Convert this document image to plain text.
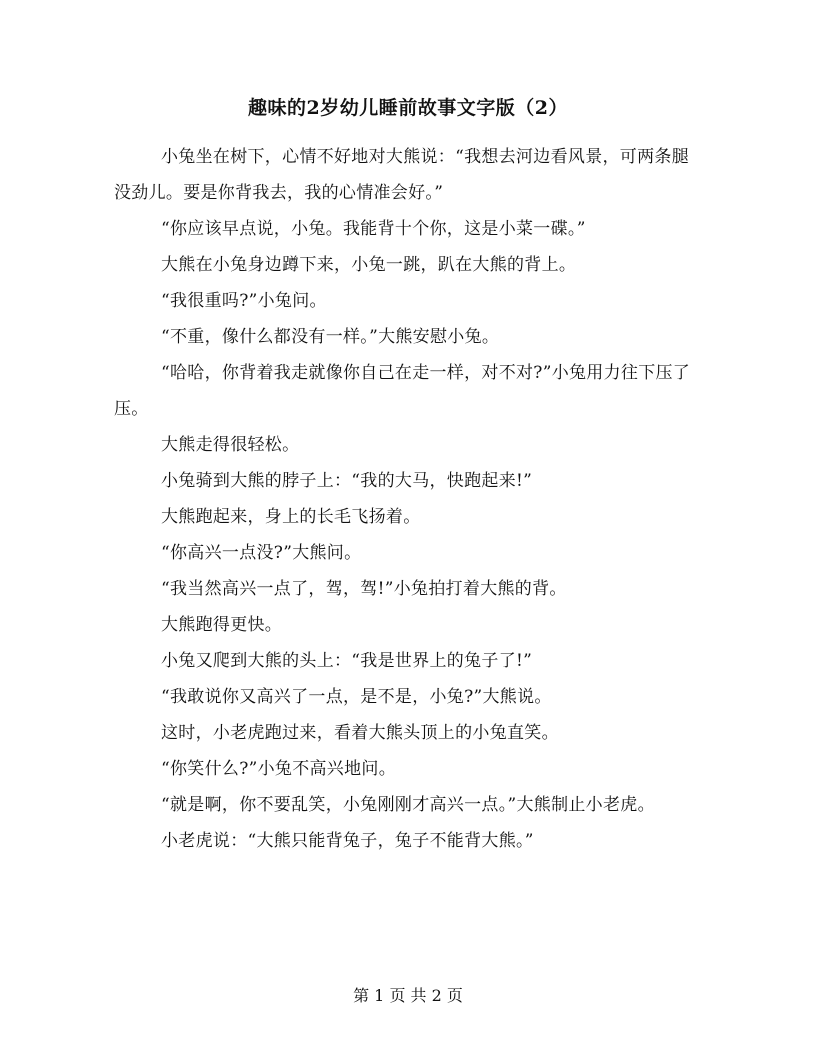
趣味的2岁幼儿睡前故事文字版（2）

小兔坐在树下，心情不好地对大熊说：“我想去河边看风景，可两条腿没劲儿。要是你背我去，我的心情准会好。”

“你应该早点说，小兔。我能背十个你，这是小菜一碟。”

大熊在小兔身边蹲下来，小兔一跳，趴在大熊的背上。

“我很重吗?”小兔问。

“不重，像什么都没有一样。”大熊安慰小兔。

“哈哈，你背着我走就像你自己在走一样，对不对?”小兔用力往下压了压。

大熊走得很轻松。

小兔骑到大熊的脖子上：“我的大马，快跑起来!”

大熊跑起来，身上的长毛飞扬着。

“你高兴一点没?”大熊问。

“我当然高兴一点了，驾，驾!”小兔拍打着大熊的背。

大熊跑得更快。

小兔又爬到大熊的头上：“我是世界上的兔子了!”

“我敢说你又高兴了一点，是不是，小兔?”大熊说。

这时，小老虎跑过来，看着大熊头顶上的小兔直笑。

“你笑什么?”小兔不高兴地问。

“就是啊，你不要乱笑，小兔刚刚才高兴一点。”大熊制止小老虎。

小老虎说：“大熊只能背兔子，兔子不能背大熊。”

第 1 页 共 2 页
